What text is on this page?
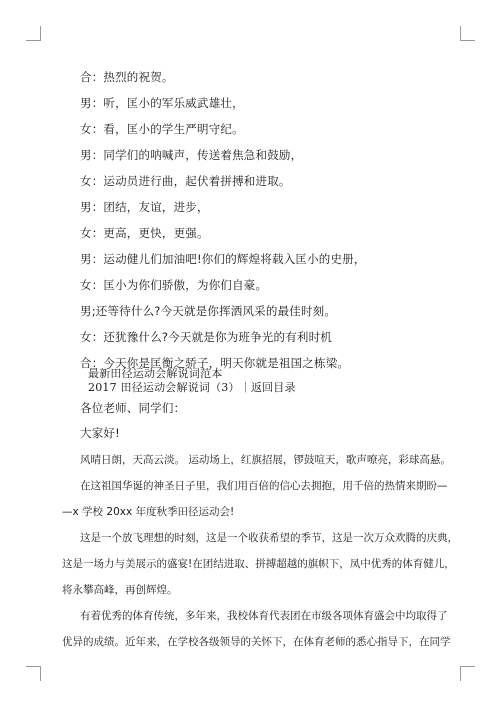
合：热烈的祝贺。
男：听，匡小的军乐威武雄壮，
女：看，匡小的学生严明守纪。
男：同学们的呐喊声，传送着焦急和鼓励，
女：运动员进行曲，起伏着拼搏和进取。
男：团结，友谊，进步，
女：更高，更快，更强。
男：运动健儿们加油吧!你们的辉煌将载入匡小的史册，
女：匡小为你们骄傲，为你们自豪。
男;还等待什么?今天就是你挥洒风采的最佳时刻。
女：还犹豫什么?今天就是你为班争光的有利时机
合：今天你是匡衡之骄子，明天你就是祖国之栋梁。
最新田径运动会解说词范本
2017 田径运动会解说词（3）｜返回目录
各位老师、同学们：
大家好!
风晴日朗，天高云淡。 运动场上，红旗招展，锣鼓喧天，歌声嘹亮，彩球高悬。
在这祖国华诞的神圣日子里，我们用百倍的信心去拥抱，用千倍的热情来期盼—
—x 学校 20xx 年度秋季田径运动会!
这是一个放飞理想的时刻，这是一个收获希望的季节，这是一次万众欢腾的庆典，
这是一场力与美展示的盛宴!在团结进取、拼搏超越的旗帜下，凤中优秀的体育健儿，
将永攀高峰，再创辉煌。
有着优秀的体育传统，多年来，我校体育代表团在市级各项体育盛会中均取得了
优异的成绩。近年来，在学校各级领导的关怀下，在体育老师的悉心指导下，在同学
